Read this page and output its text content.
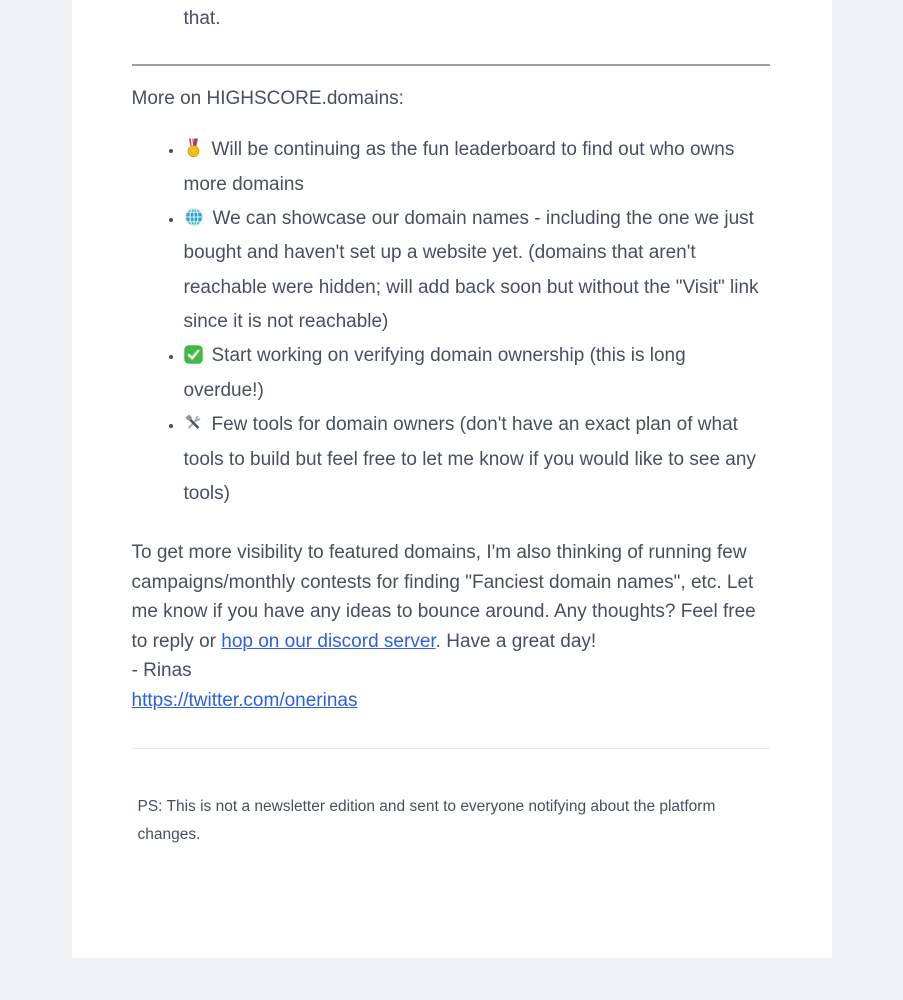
that.

More on HIGHSCORE.domains:

• Will be continuing as the fun leaderboard to find out who owns more domains
• We can showcase our domain names - including the one we just bought and haven't set up a website yet. (domains that aren't reachable were hidden; will add back soon but without the "Visit" link since it is not reachable)
• Start working on verifying domain ownership (this is long overdue!)
• Few tools for domain owners (don't have an exact plan of what tools to build but feel free to let me know if you would like to see any tools)

To get more visibility to featured domains, I'm also thinking of running few campaigns/monthly contests for finding "Fanciest domain names", etc. Let me know if you have any ideas to bounce around. Any thoughts? Feel free to reply or hop on our discord server. Have a great day!
- Rinas
https://twitter.com/onerinas

PS: This is not a newsletter edition and sent to everyone notifying about the platform changes.
